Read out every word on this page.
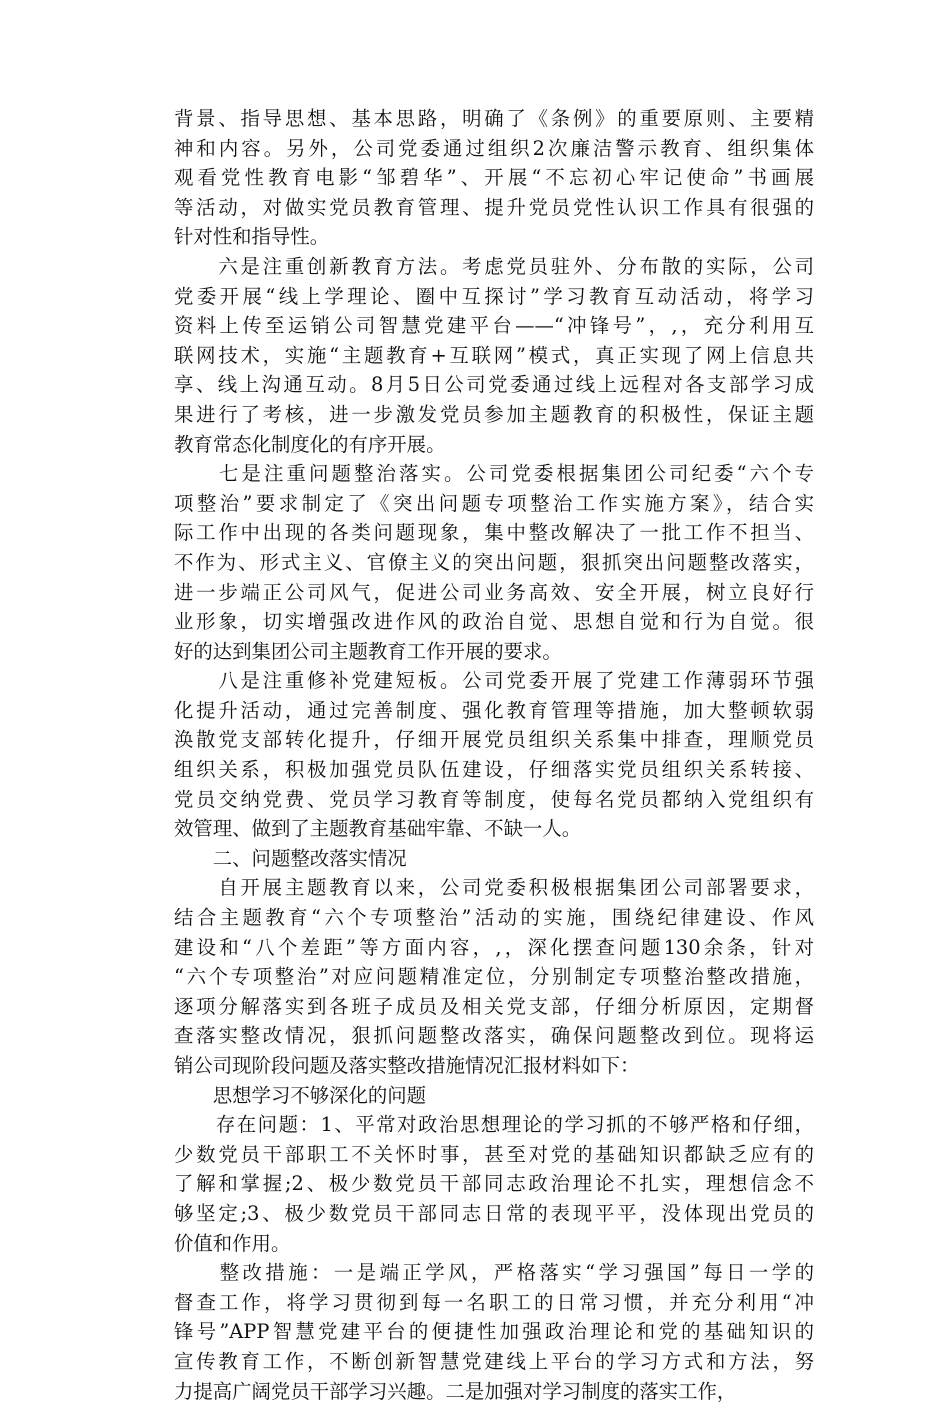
背景、指导思想、基本思路，明确了《条例》的重要原则、主要精
神和内容。另外，公司党委通过组织2次廉洁警示教育、组织集体
观看党性教育电影“邹碧华”、开展“不忘初心牢记使命”书画展
等活动，对做实党员教育管理、提升党员党性认识工作具有很强的
针对性和指导性。

　　六是注重创新教育方法。考虑党员驻外、分布散的实际，公司
党委开展“线上学理论、圈中互探讨”学习教育互动活动，将学习
资料上传至运销公司智慧党建平台——“冲锋号”，,，充分利用互
联网技术，实施“主题教育+互联网”模式，真正实现了网上信息共
享、线上沟通互动。8月5日公司党委通过线上远程对各支部学习成
果进行了考核，进一步激发党员参加主题教育的积极性，保证主题
教育常态化制度化的有序开展。

　　七是注重问题整治落实。公司党委根据集团公司纪委“六个专
项整治”要求制定了《突出问题专项整治工作实施方案》，结合实
际工作中出现的各类问题现象，集中整改解决了一批工作不担当、
不作为、形式主义、官僚主义的突出问题，狠抓突出问题整改落实，
进一步端正公司风气，促进公司业务高效、安全开展，树立良好行
业形象，切实增强改进作风的政治自觉、思想自觉和行为自觉。很
好的达到集团公司主题教育工作开展的要求。

　　八是注重修补党建短板。公司党委开展了党建工作薄弱环节强
化提升活动，通过完善制度、强化教育管理等措施，加大整顿软弱
涣散党支部转化提升，仔细开展党员组织关系集中排查，理顺党员
组织关系，积极加强党员队伍建设，仔细落实党员组织关系转接、
党员交纳党费、党员学习教育等制度，使每名党员都纳入党组织有
效管理、做到了主题教育基础牢靠、不缺一人。

　　二、问题整改落实情况

　　自开展主题教育以来，公司党委积极根据集团公司部署要求，
结合主题教育“六个专项整治”活动的实施，围绕纪律建设、作风
建设和“八个差距”等方面内容，,，深化摆查问题130余条，针对
“六个专项整治”对应问题精准定位，分别制定专项整治整改措施，
逐项分解落实到各班子成员及相关党支部，仔细分析原因，定期督
查落实整改情况，狠抓问题整改落实，确保问题整改到位。现将运
销公司现阶段问题及落实整改措施情况汇报材料如下：

　　思想学习不够深化的问题

　　存在问题：1、平常对政治思想理论的学习抓的不够严格和仔细，
少数党员干部职工不关怀时事，甚至对党的基础知识都缺乏应有的
了解和掌握;2、极少数党员干部同志政治理论不扎实，理想信念不
够坚定;3、极少数党员干部同志日常的表现平平，没体现出党员的
价值和作用。

　　整改措施：一是端正学风，严格落实“学习强国”每日一学的
督查工作，将学习贯彻到每一名职工的日常习惯，并充分利用“冲
锋号”APP智慧党建平台的便捷性加强政治理论和党的基础知识的
宣传教育工作，不断创新智慧党建线上平台的学习方式和方法，努
力提高广阔党员干部学习兴趣。二是加强对学习制度的落实工作，
